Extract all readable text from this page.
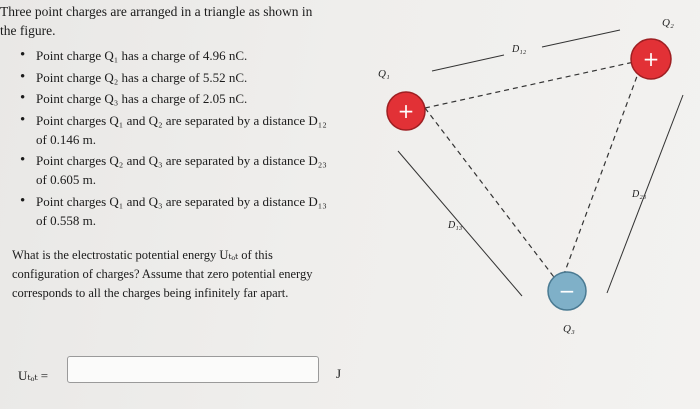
Three point charges are arranged in a triangle as shown in the figure.
• Point charge Q₁ has a charge of 4.96 nC.
• Point charge Q₂ has a charge of 5.52 nC.
• Point charge Q₃ has a charge of 2.05 nC.
• Point charges Q₁ and Q₂ are separated by a distance D₁₂ of 0.146 m.
• Point charges Q₂ and Q₃ are separated by a distance D₂₃ of 0.605 m.
• Point charges Q₁ and Q₃ are separated by a distance D₁₃ of 0.558 m.
What is the electrostatic potential energy Uₜₒₜ of this configuration of charges? Assume that zero potential energy corresponds to all the charges being infinitely far apart.
Uₜₒₜ =	J
D₁₂
D₁₃
D₂₃
+
Q₁
+
Q₂
−
Q₃
